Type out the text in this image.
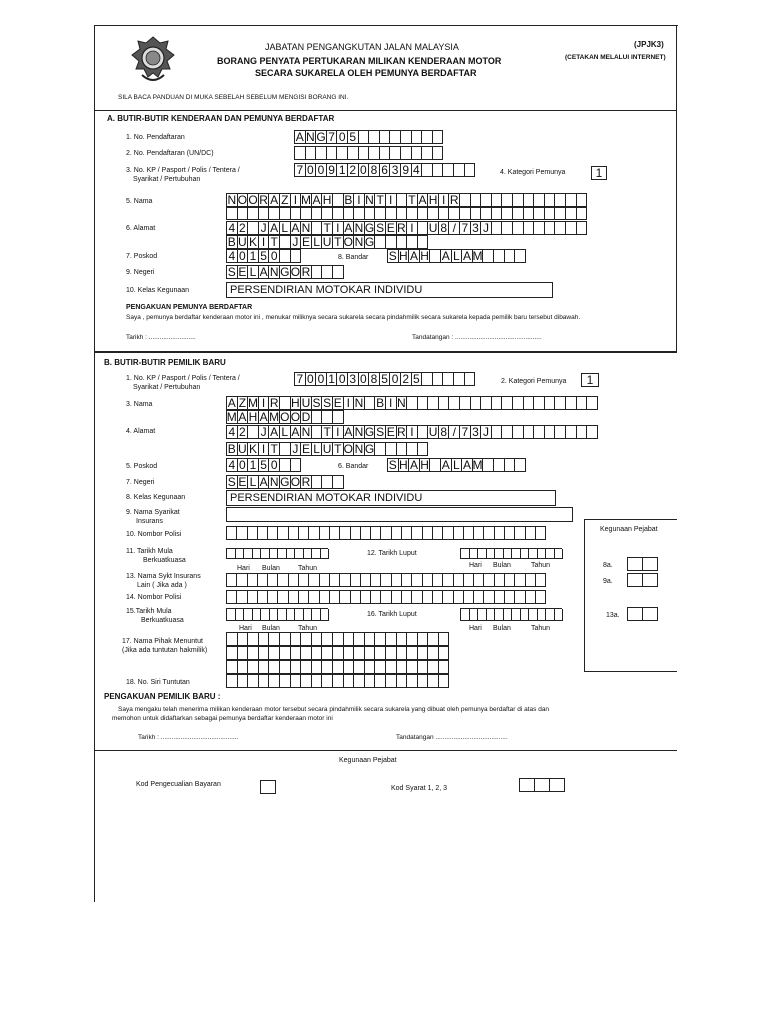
JABATAN PENGANGKUTAN JALAN MALAYSIA
BORANG PENYATA PERTUKARAN MILIKAN KENDERAAN MOTOR
SECARA SUKARELA OLEH PEMUNYA BERDAFTAR
(JPJK3)
(CETAKAN MELALUI INTERNET)
SILA BACA PANDUAN DI MUKA SEBELAH SEBELUM MENGISI BORANG INI.
A. BUTIR-BUTIR KENDERAAN DAN PEMUNYA BERDAFTAR
1. No. Pendaftaran	A N G 7 0 5
2. No. Pendaftaran (UN/DC)
3. No. KP / Pasport / Polis / Tentera /
Syarikat / Pertubuhan
7 0 0 9 1 2 0 8 6 3 9 4	4. Kategori Pemunya	1
5. Nama	N O O R A Z I M A H B I N T I	T A H I R
6. Alamat	4 2 J A L A N T I A N G S E R I	U 8 / 7 3 J
B U K I T J E L U T O N G
7. Poskod	4 0 1 5 0	8. Bandar S H A H A L A M
9. Negeri	S E L A N G O R
10. Kelas Kegunaan	PERSENDIRIAN MOTOKAR INDIVIDU
PENGAKUAN PEMUNYA BERDAFTAR
Saya , pemunya berdaftar kenderaan motor ini , menukar miliknya secara sukarela secara pindahmilik secara sukarela kepada pemilik baru tersebut dibawah.
Tarikh : ..........................	Tandatangan : ................................................
B. BUTIR-BUTIR PEMILIK BARU
1. No. KP / Pasport / Polis / Tentera /
Syarikat / Pertubuhan
7 0 0 1 0 3 0 8 5 0 2 5	2. Kategori Pemunya	1
3. Nama	A Z M I R H U S S E I N B I N
M A H A M O O D
4. Alamat	4 2 J A L A N T I A N G S E R I	U 8 / 7 3 J
B U K I T J E L U T O N G
5. Poskod	4 0 1 5 0	6. Bandar S H A H A L A M
7. Negeri	S E L A N G O R
8. Kelas Kegunaan	PERSENDIRIAN MOTOKAR INDIVIDU
9. Nama Syarikat
Insurans
10. Nombor Polisi
11. Tarikh Mula
Berkuatkuasa
Hari Bulan	Tahun
12. Tarikh Luput
Hari Bulan	Tahun
13. Nama Sykt Insurans
Lain ( Jika ada )
14. Nombor Polisi
15.Tarikh Mula
Berkuatkuasa
Hari Bulan	Tahun
16. Tarikh Luput
Hari Bulan	Tahun
17. Nama Pihak Menuntut
(Jika ada tuntutan hakmilik)
18. No. Siri Tuntutan
Kegunaan Pejabat
8a.
9a.
13a.
PENGAKUAN PEMILIK BARU :
Saya mengaku telah menerima milikan kenderaan motor tersebut secara pindahmilik secara sukarela yang dibuat oleh pemunya berdaftar di atas dan
memohon untuk didaftarkan sebagai pemunya berdaftar kenderaan motor ini
Tarikh : ...........................................	Tandatangan ........................................
Kegunaan Pejabat
Kod Pengecualian Bayaran
Kod Syarat 1, 2, 3
